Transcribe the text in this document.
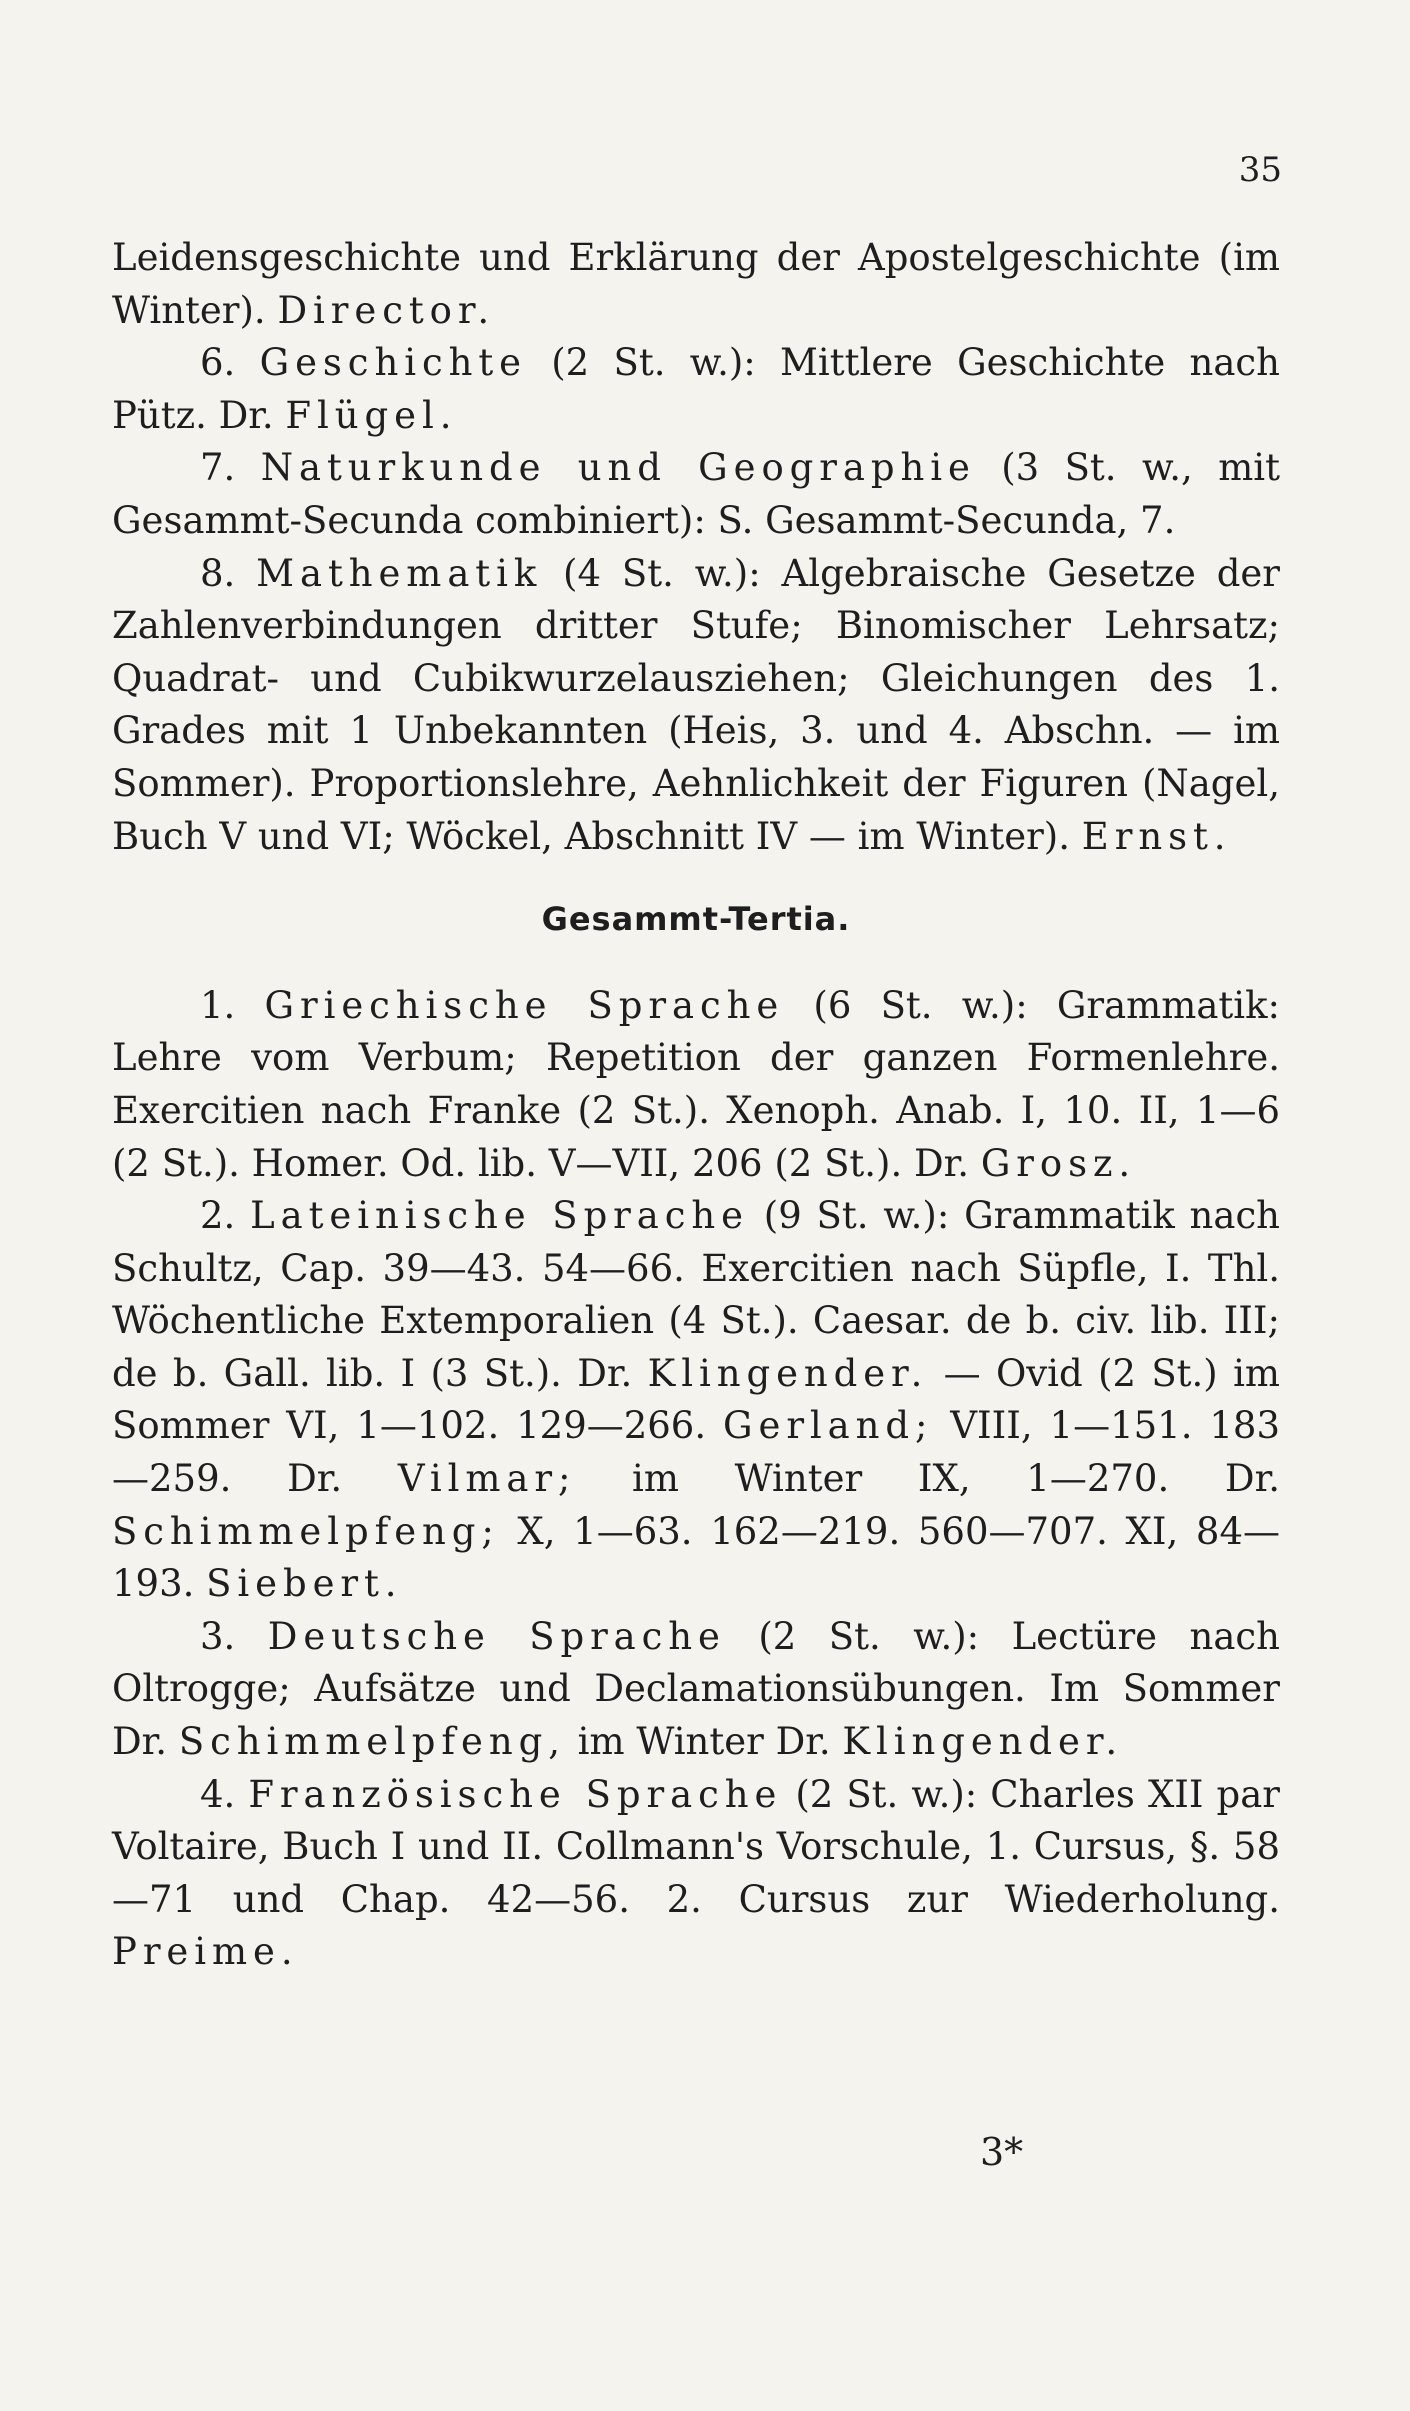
35

Leidensgeschichte und Erklärung der Apostelgeschichte (im Winter). Director.

6. Geschichte (2 St. w.): Mittlere Geschichte nach Pütz. Dr. Flügel.

7. Naturkunde und Geographie (3 St. w., mit Gesammt-Secunda combiniert): S. Gesammt-Secunda, 7.

8. Mathematik (4 St. w.): Algebraische Gesetze der Zahlenverbindungen dritter Stufe; Binomischer Lehrsatz; Quadrat- und Cubikwurzelausziehen; Gleichungen des 1. Grades mit 1 Unbekannten (Heis, 3. und 4. Abschn. — im Sommer). Proportionslehre, Aehnlichkeit der Figuren (Nagel, Buch V und VI; Wöckel, Abschnitt IV — im Winter). Ernst.

Gesammt-Tertia.

1. Griechische Sprache (6 St. w.): Grammatik: Lehre vom Verbum; Repetition der ganzen Formenlehre. Exercitien nach Franke (2 St.). Xenoph. Anab. I, 10. II, 1—6 (2 St.). Homer. Od. lib. V—VII, 206 (2 St.). Dr. Grosz.

2. Lateinische Sprache (9 St. w.): Grammatik nach Schultz, Cap. 39—43. 54—66. Exercitien nach Süpfle, I. Thl. Wöchentliche Extemporalien (4 St.). Caesar. de b. civ. lib. III; de b. Gall. lib. I (3 St.). Dr. Klingender. — Ovid (2 St.) im Sommer VI, 1—102. 129—266. Gerland; VIII, 1—151. 183—259. Dr. Vilmar; im Winter IX, 1—270. Dr. Schimmelpfeng; X, 1—63. 162—219. 560—707. XI, 84—193. Siebert.

3. Deutsche Sprache (2 St. w.): Lectüre nach Oltrogge; Aufsätze und Declamationsübungen. Im Sommer Dr. Schimmelpfeng, im Winter Dr. Klingender.

4. Französische Sprache (2 St. w.): Charles XII par Voltaire, Buch I und II. Collmann's Vorschule, 1. Cursus, §. 58—71 und Chap. 42—56. 2. Cursus zur Wiederholung. Preime.

3*
